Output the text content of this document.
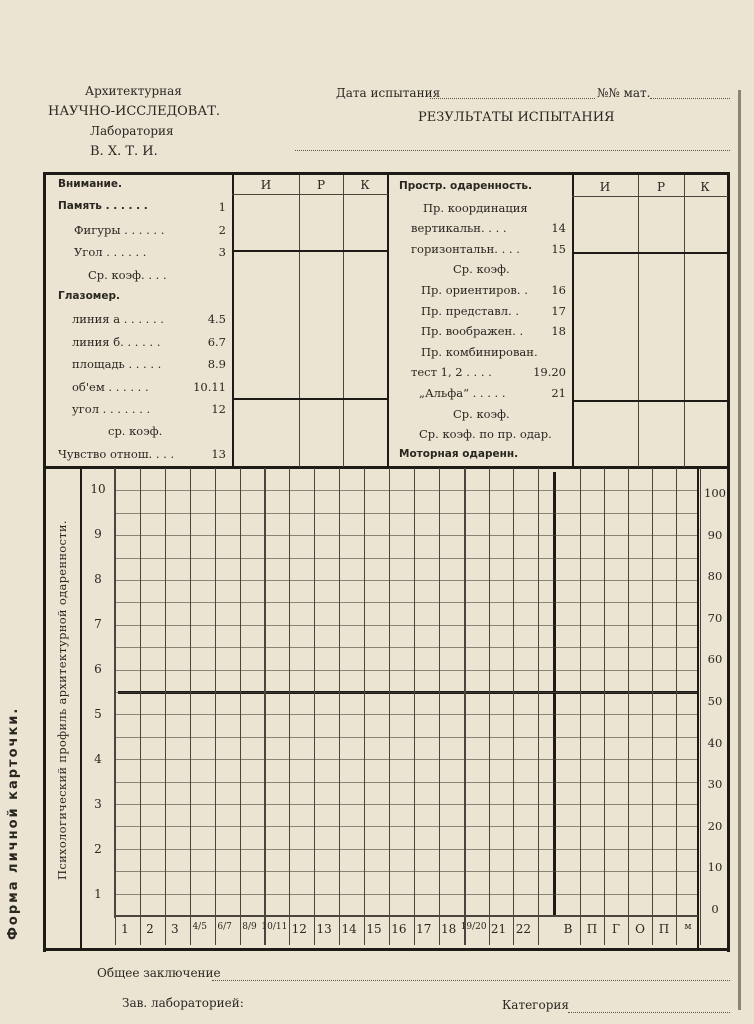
Архитектурная
НАУЧНО-ИССЛЕДОВАТ.
Лаборатория
В. Х. Т. И.
Дата испытания	№№ мат.
РЕЗУЛЬТАТЫ ИСПЫТАНИЯ
Форма личной карточки.
И	Р	К	И	Р	К
Внимание.
Память . . . . . .	1
Фигуры . . . . . .	2
Угол . . . . . .	3
Ср. коэф. . . .
Глазомер.
линия а . . . . . .	4.5
линия б. . . . . .	6.7
площадь . . . . .	8.9
об'ем . . . . . .	10.11
угол . . . . . . .	12
ср. коэф.
Чувство отнош. . . .	13
Простр. одаренность.
Пр. координация
вертикальн. . . .	14
горизонтальн. . . .	15
Ср. коэф.
Пр. ориентиров. .	16
Пр. представл. .	17
Пр. воображен. .	18
Пр. комбинирован.
тест 1, 2 . . . .	19.20
„Альфа“ . . . . .	21
Ср. коэф.
Ср. коэф. по пр. одар.
Моторная одаренн.
10
9
8
7
6
5
4
3
2
1
100
90
80
70
60
50
40
30
20
10
0
1	2	3	4/5	6/7	8/9 10/11 12 13 14 15 16 17 18 19/20 21 22	В	П	Г	О	П	м
Психологический профиль архитектурной одаренности.
Общее заключение
Зав. лабораторией:	Категория
